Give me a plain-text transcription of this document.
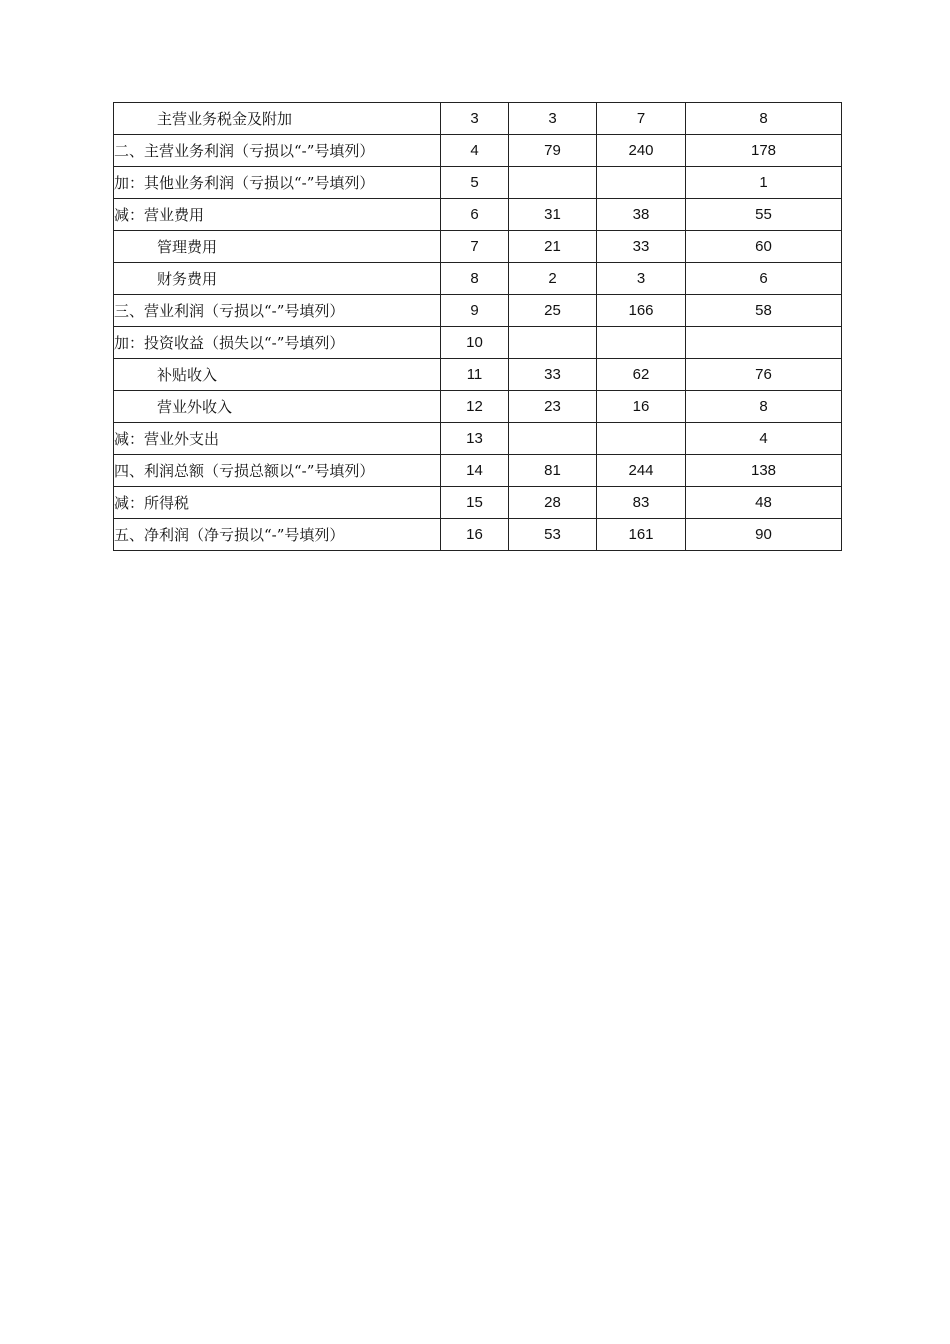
主营业务税金及附加	3	3	7	8
二、主营业务利润（亏损以“-”号填列）	4	79	240	178
加：其他业务利润（亏损以“-”号填列）	5			1
减：营业费用	6	31	38	55
管理费用	7	21	33	60
财务费用	8	2	3	6
三、营业利润（亏损以“-”号填列）	9	25	166	58
加：投资收益（损失以“-”号填列）	10			
补贴收入	11	33	62	76
营业外收入	12	23	16	8
减：营业外支出	13			4
四、利润总额（亏损总额以“-”号填列）	14	81	244	138
减：所得税	15	28	83	48
五、净利润（净亏损以“-”号填列）	16	53	161	90
